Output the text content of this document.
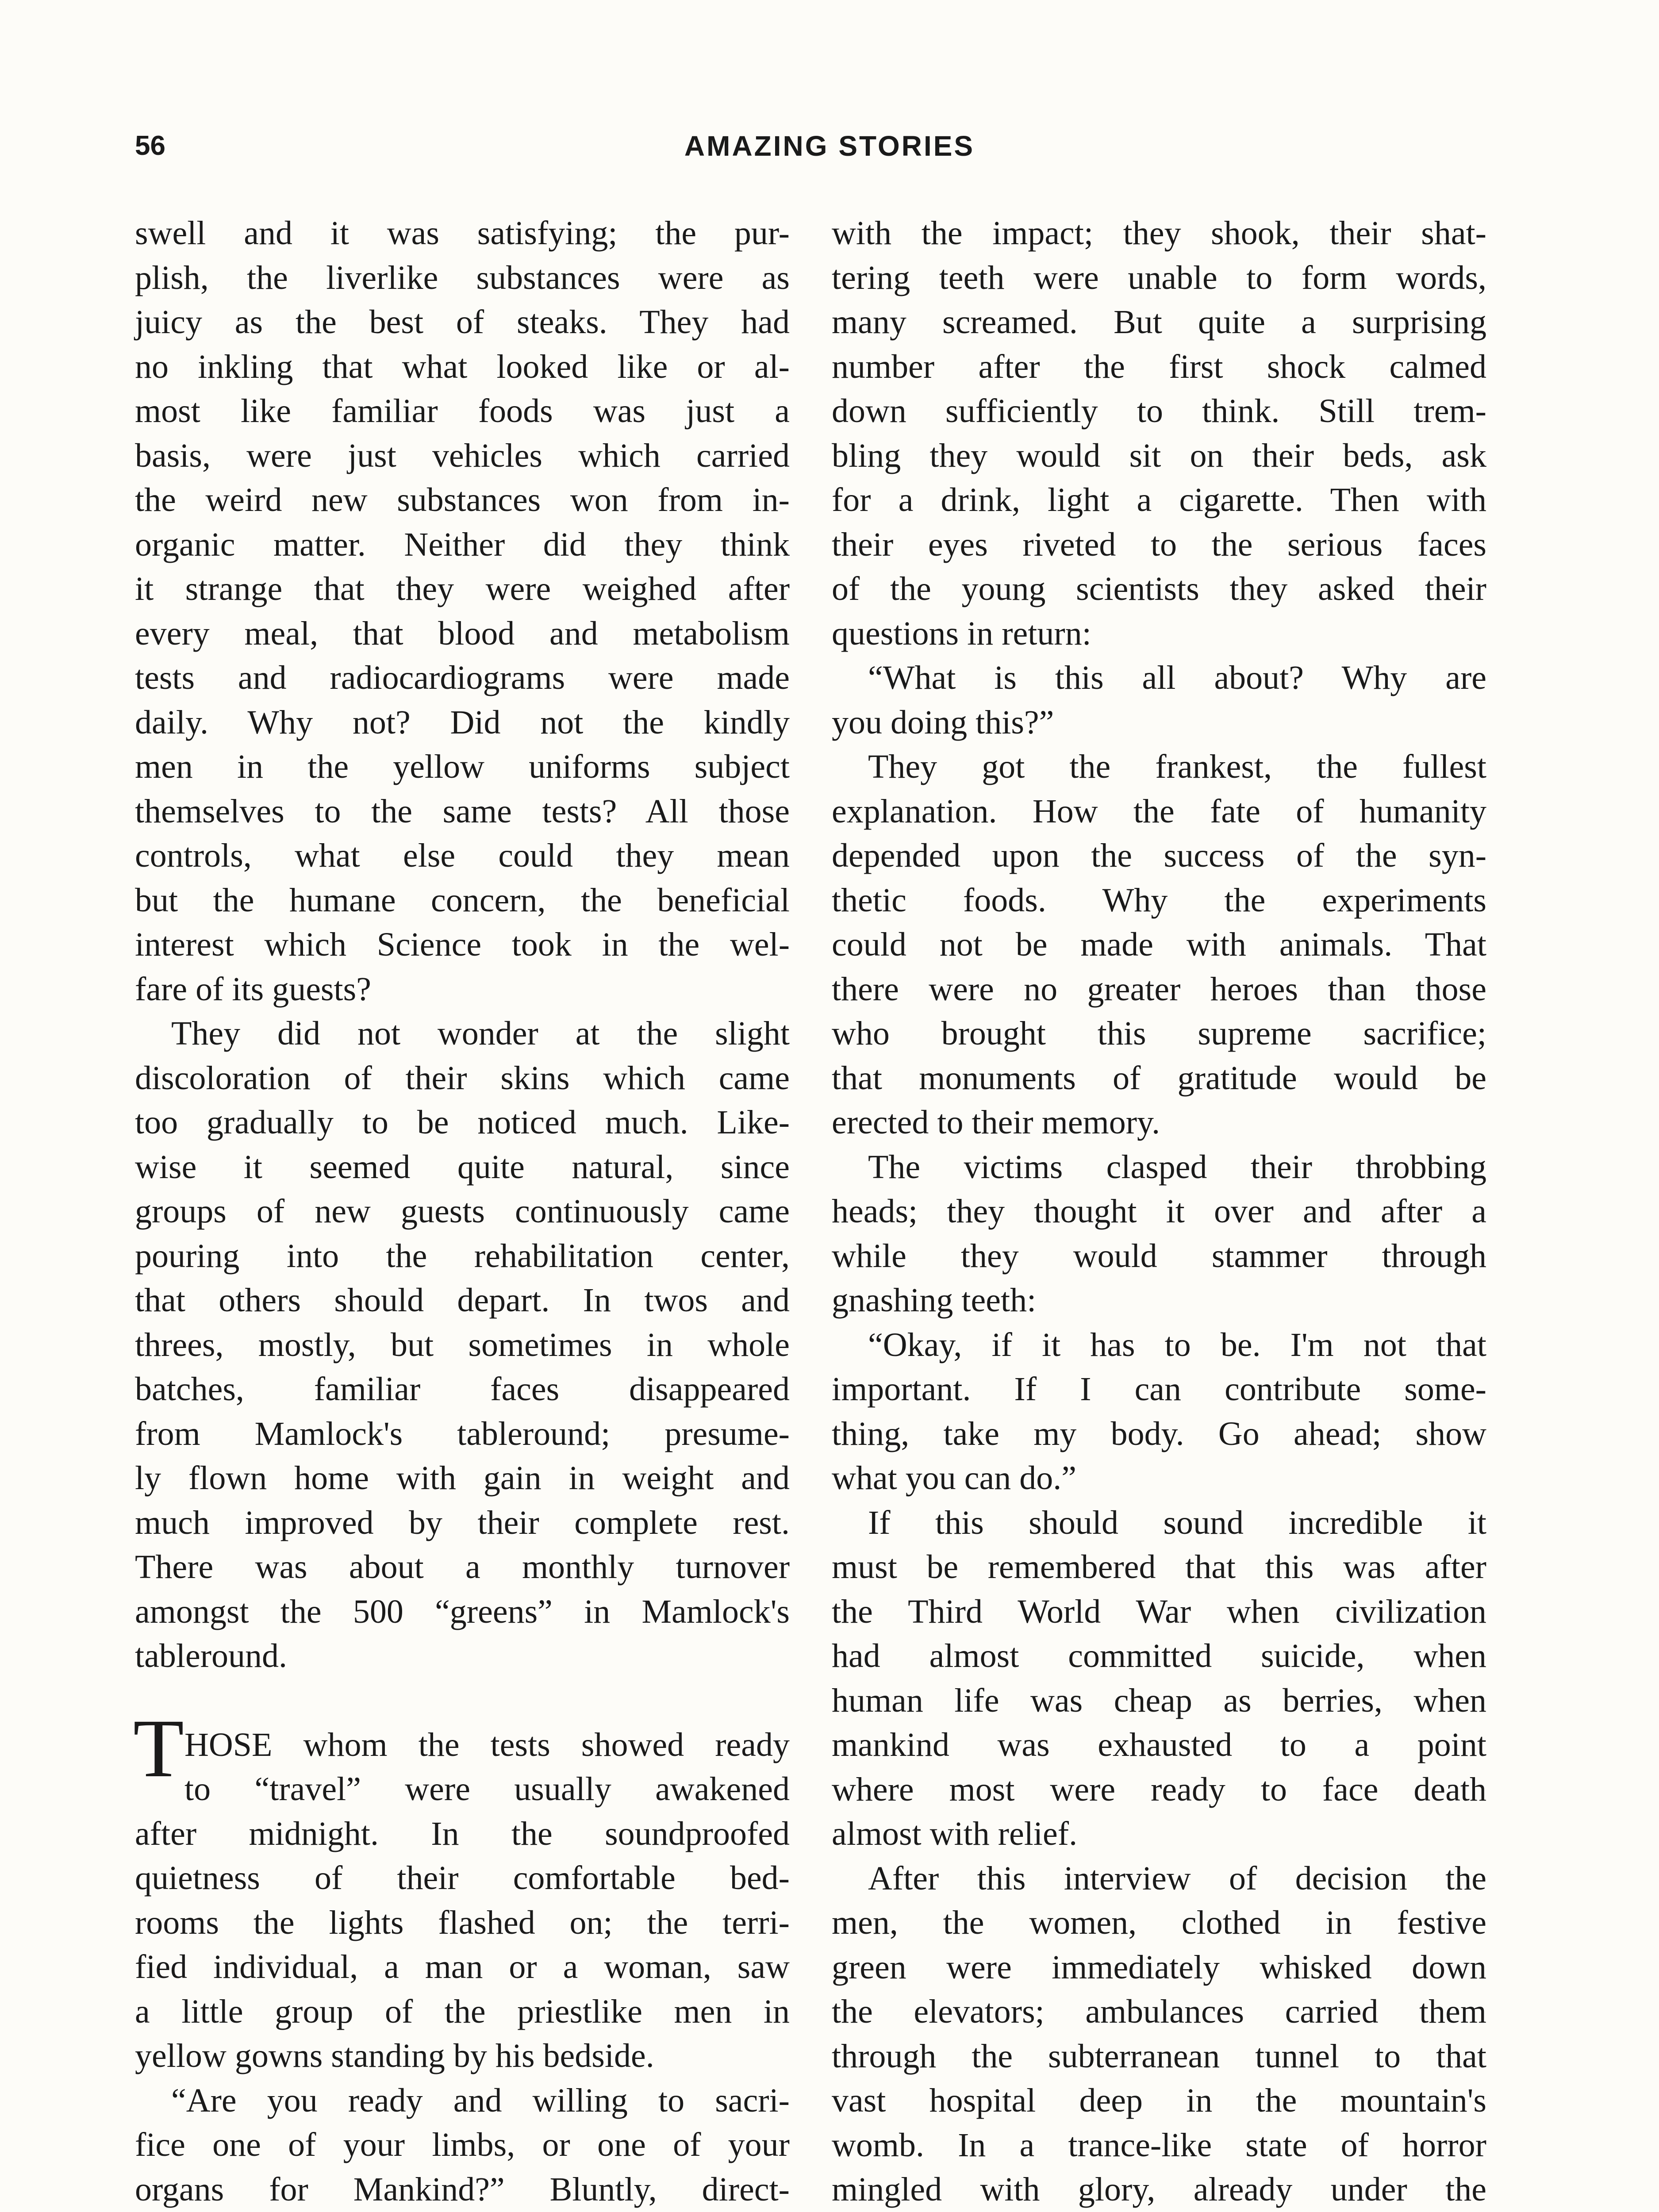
56	AMAZING STORIES
swell and it was satisfying; the pur-
plish, the liverlike substances were as
juicy as the best of steaks. They had
no inkling that what looked like or al-
most like familiar foods was just a
basis, were just vehicles which carried
the weird new substances won from in-
organic matter. Neither did they think
it strange that they were weighed after
every meal, that blood and metabolism
tests and radiocardiograms were made
daily. Why not? Did not the kindly
men in the yellow uniforms subject
themselves to the same tests? All those
controls, what else could they mean
but the humane concern, the beneficial
interest which Science took in the wel-
fare of its guests?
They did not wonder at the slight
discoloration of their skins which came
too gradually to be noticed much. Like-
wise it seemed quite natural, since
groups of new guests continuously came
pouring into the rehabilitation center,
that others should depart. In twos and
threes, mostly, but sometimes in whole
batches, familiar faces disappeared
from Mamlock's tableround; presume-
ly flown home with gain in weight and
much improved by their complete rest.
There was about a monthly turnover
amongst the 500 “greens” in Mamlock's
tableround.
T HOSE whom the tests showed ready
to “travel” were usually awakened
after midnight. In the soundproofed
quietness of their comfortable bed-
rooms the lights flashed on; the terri-
fied individual, a man or a woman, saw
a little group of the priestlike men in
yellow gowns standing by his bedside.
“Are you ready and willing to sacri-
fice one of your limbs, or one of your
organs for Mankind?” Bluntly, direct-
with the impact; they shook, their shat-
tering teeth were unable to form words,
many screamed. But quite a surprising
number after the first shock calmed
down sufficiently to think. Still trem-
bling they would sit on their beds, ask
for a drink, light a cigarette. Then with
their eyes riveted to the serious faces
of the young scientists they asked their
questions in return:
“What is this all about? Why are
you doing this?”
They got the frankest, the fullest
explanation. How the fate of humanity
depended upon the success of the syn-
thetic foods. Why the experiments
could not be made with animals. That
there were no greater heroes than those
who brought this supreme sacrifice;
that monuments of gratitude would be
erected to their memory.
The victims clasped their throbbing
heads; they thought it over and after a
while they would stammer through
gnashing teeth:
“Okay, if it has to be. I'm not that
important. If I can contribute some-
thing, take my body. Go ahead; show
what you can do.”
If this should sound incredible it
must be remembered that this was after
the Third World War when civilization
had almost committed suicide, when
human life was cheap as berries, when
mankind was exhausted to a point
where most were ready to face death
almost with relief.
After this interview of decision the
men, the women, clothed in festive
green were immediately whisked down
the elevators; ambulances carried them
through the subterranean tunnel to that
vast hospital deep in the mountain's
womb. In a trance-like state of horror
mingled with glory, already under the
